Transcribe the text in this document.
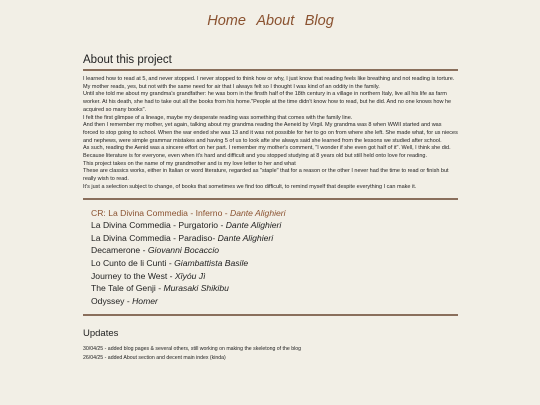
Home About Blog
About this project

I learned how to read at 5, and never stopped. I never stopped to think how or why, I just know that reading feels like breathing and not reading is torture. My mother reads, yes, but not with the same need for air that I always felt so I thought I was kind of an oddity in the family.

Until she told me about my grandma's grandfather: he was born in the finsth half of the 18th century in a village in northern Italy, live all his life as farm worker. At his death, she had to take out all the books from his home."People at the time didn't know how to read, but he did. And no one knows how he acquired so many books".

I felt the first glimpse of a lineage, maybe my desperate reading was something that comes with the family line.

And then I remember my mother, yet again, talking about my grandma reading the Aeneid by Virgil. My grandma was 8 when WWII started and was forced to stop going to school. When the war ended she was 13 and it was not possible for her to go on from where she left. She made what, for us nieces and nephews, were simple grammar mistakes and having 5 of us to look afte she always said she learned from the lessons we studied after school.

As such, reading the Aenid was a sincere effort on her part. I remember my mother's comment, "I wonder if she even got half of it". Well, I think she did. Because literature is for everyone, even when it's hard and difficult and you stopped studying at 8 years old but still held onto love for reading.

This project takes on the name of my grandmother and is my love letter to her and what

These are classics works, either in Italian or word literature, regarded as "staple" that for a reason or the other I never had the time to read or finish but really wish to read.

It's just a selection subject to change, of books that sometimes we find too difficult, to remind myself that despite everything I can make it.

CR: La Divina Commedia - Inferno - Dante Alighieri
La Divina Commedia - Purgatorio - Dante Alighieri
La Divina Commedia - Paradiso- Dante Alighieri
Decamerone - Giovanni Bocaccio
Lo Cunto de li Cunti - Giambattista Basile
Journey to the West - Xīyóu Jì
The Tale of Genji - Murasaki Shikibu
Odyssey - Homer
Updates
30/04/25 - added blog pages & several others, still working on making the skeletong of the blog
26/04/25 - added About section and decent main index (kinda)
